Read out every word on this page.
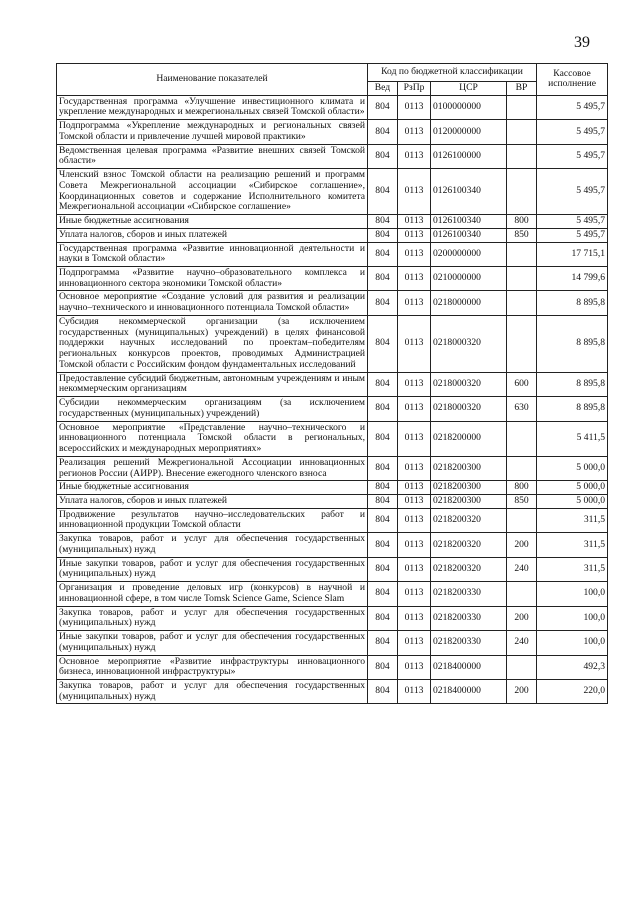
39
Наименование показателей	Код по бюджетной классификации				Кассовое исполнение
	Вед	РзПр	ЦСР	ВР	
Государственная программа «Улучшение инвестиционного климата и укрепление международных и межрегиональных связей Томской области»	804	0113	0100000000		5 495,7
Подпрограмма «Укрепление международных и региональных связей Томской области и привлечение лучшей мировой практики»	804	0113	0120000000		5 495,7
Ведомственная целевая программа «Развитие внешних связей Томской области»	804	0113	0126100000		5 495,7
Членский взнос Томской области на реализацию решений и программ Совета Межрегиональной ассоциации «Сибирское соглашение», Координационных советов и содержание Исполнительного комитета Межрегиональной ассоциации «Сибирское соглашение»	804	0113	0126100340		5 495,7
Иные бюджетные ассигнования	804	0113	0126100340	800	5 495,7
Уплата налогов, сборов и иных платежей	804	0113	0126100340	850	5 495,7
Государственная программа «Развитие инновационной деятельности и науки в Томской области»	804	0113	0200000000		17 715,1
Подпрограмма «Развитие научно–образовательного комплекса и инновационного сектора экономики Томской области»	804	0113	0210000000		14 799,6
Основное мероприятие «Создание условий для развития и реализации научно–технического и инновационного потенциала Томской области»	804	0113	0218000000		8 895,8
Субсидия некоммерческой организации (за исключением государственных (муниципальных) учреждений) в целях финансовой поддержки научных исследований по проектам–победителям региональных конкурсов проектов, проводимых Администрацией Томской области с Российским фондом фундаментальных исследований	804	0113	0218000320		8 895,8
Предоставление субсидий бюджетным, автономным учреждениям и иным некоммерческим организациям	804	0113	0218000320	600	8 895,8
Субсидии некоммерческим организациям (за исключением государственных (муниципальных) учреждений)	804	0113	0218000320	630	8 895,8
Основное мероприятие «Представление научно–технического и инновационного потенциала Томской области в региональных, всероссийских и международных мероприятиях»	804	0113	0218200000		5 411,5
Реализация решений Межрегиональной Ассоциации инновационных регионов России (АИРР). Внесение ежегодного членского взноса	804	0113	0218200300		5 000,0
Иные бюджетные ассигнования	804	0113	0218200300	800	5 000,0
Уплата налогов, сборов и иных платежей	804	0113	0218200300	850	5 000,0
Продвижение результатов научно–исследовательских работ и инновационной продукции Томской области	804	0113	0218200320		311,5
Закупка товаров, работ и услуг для обеспечения государственных (муниципальных) нужд	804	0113	0218200320	200	311,5
Иные закупки товаров, работ и услуг для обеспечения государственных (муниципальных) нужд	804	0113	0218200320	240	311,5
Организация и проведение деловых игр (конкурсов) в научной и инновационной сфере, в том числе Tomsk Science Game, Science Slam	804	0113	0218200330		100,0
Закупка товаров, работ и услуг для обеспечения государственных (муниципальных) нужд	804	0113	0218200330	200	100,0
Иные закупки товаров, работ и услуг для обеспечения государственных (муниципальных) нужд	804	0113	0218200330	240	100,0
Основное мероприятие «Развитие инфраструктуры инновационного бизнеса, инновационной инфраструктуры»	804	0113	0218400000		492,3
Закупка товаров, работ и услуг для обеспечения государственных (муниципальных) нужд	804	0113	0218400000	200	220,0
